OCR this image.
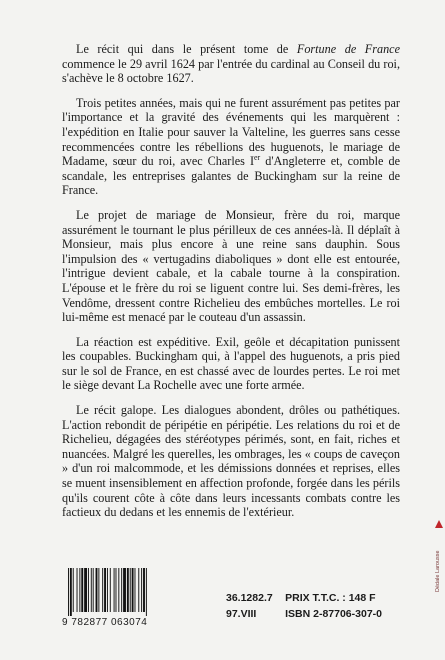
Le récit qui dans le présent tome de Fortune de France commence le 29 avril 1624 par l'entrée du cardinal au Conseil du roi, s'achève le 8 octobre 1627.

Trois petites années, mais qui ne furent assurément pas petites par l'importance et la gravité des événements qui les marquèrent : l'expédition en Italie pour sauver la Valteline, les guerres sans cesse recommencées contre les rébellions des huguenots, le mariage de Madame, sœur du roi, avec Charles Ier d'Angleterre et, comble de scandale, les entreprises galantes de Buckingham sur la reine de France.

Le projet de mariage de Monsieur, frère du roi, marque assurément le tournant le plus périlleux de ces années-là. Il déplaît à Monsieur, mais plus encore à une reine sans dauphin. Sous l'impulsion des « vertugadins diaboliques » dont elle est entourée, l'intrigue devient cabale, et la cabale tourne à la conspiration. L'épouse et le frère du roi se liguent contre lui. Ses demi-frères, les Vendôme, dressent contre Richelieu des embûches mortelles. Le roi lui-même est menacé par le couteau d'un assassin.

La réaction est expéditive. Exil, geôle et décapitation punissent les coupables. Buckingham qui, à l'appel des huguenots, a pris pied sur le sol de France, en est chassé avec de lourdes pertes. Le roi met le siège devant La Rochelle avec une forte armée.

Le récit galope. Les dialogues abondent, drôles ou pathétiques. L'action rebondit de péripétie en péripétie. Les relations du roi et de Richelieu, dégagées des stéréotypes périmés, sont, en fait, riches et nuancées. Malgré les querelles, les ombrages, les « coups de caveçon » d'un roi malcommode, et les démissions données et reprises, elles se muent insensiblement en affection profonde, forgée dans les périls qu'ils courent côte à côte dans leurs incessants combats contre les factieux du dedans et les ennemis de l'extérieur.

9 782877 063074
36.1282.7
97.VIII
PRIX T.T.C. : 148 F
ISBN 2-87706-307-0
Dédale Larousse
